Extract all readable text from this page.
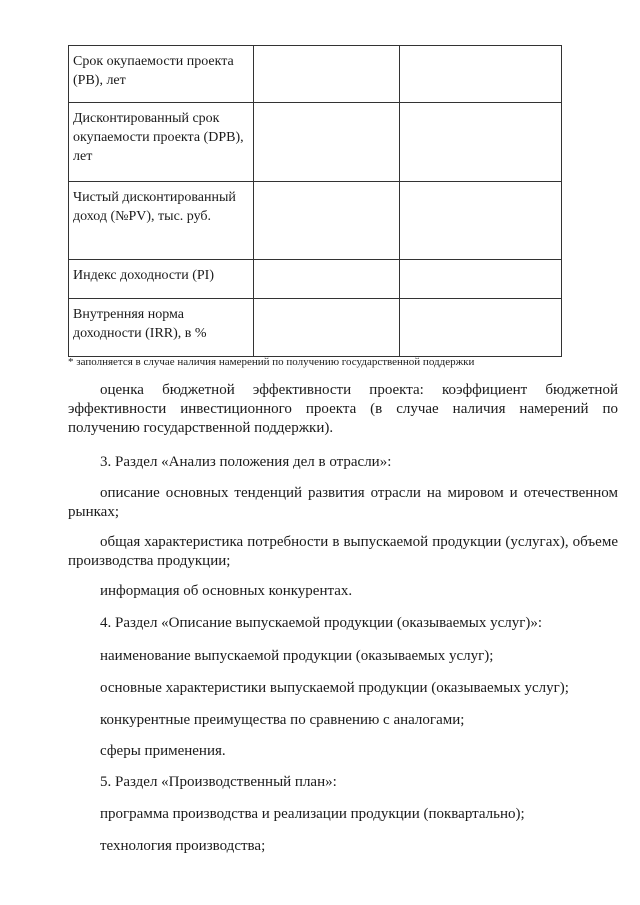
Срок окупаемости проекта (PB), лет		
Дисконтированный срок окупаемости проекта (DPB), лет		
Чистый дисконтированный доход (№PV), тыс. руб.		
Индекс доходности (PI)		
Внутренняя норма доходности (IRR), в %		
* заполняется в случае наличия намерений по получению государственной поддержки
оценка бюджетной эффективности проекта: коэффициент бюджетной эффективности инвестиционного проекта (в случае наличия намерений по получению государственной поддержки).
3. Раздел «Анализ положения дел в отрасли»:
описание основных тенденций развития отрасли на мировом и отечественном рынках;
общая характеристика потребности в выпускаемой продукции (услугах), объеме производства продукции;
информация об основных конкурентах.
4. Раздел «Описание выпускаемой продукции (оказываемых услуг)»:
наименование выпускаемой продукции (оказываемых услуг);
основные характеристики выпускаемой продукции (оказываемых услуг);
конкурентные преимущества по сравнению с аналогами;
сферы применения.
5. Раздел «Производственный план»:
программа производства и реализации продукции (поквартально);
технология производства;
